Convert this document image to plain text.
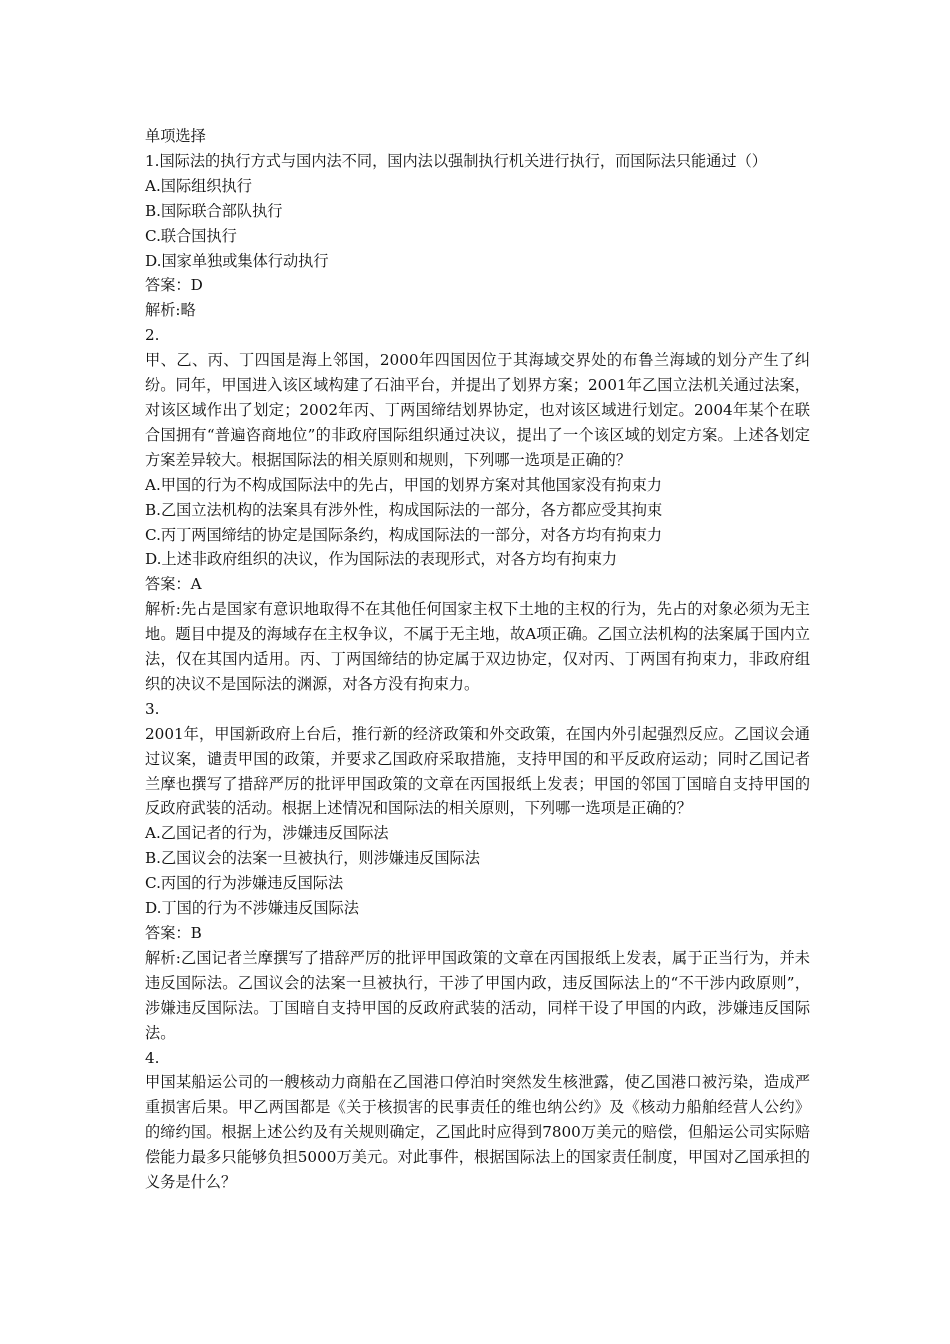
单项选择
1.国际法的执行方式与国内法不同，国内法以强制执行机关进行执行，而国际法只能通过（）
A.国际组织执行
B.国际联合部队执行
C.联合国执行
D.国家单独或集体行动执行
答案：D
解析:略
2.
甲、乙、丙、丁四国是海上邻国，2000年四国因位于其海域交界处的布鲁兰海域的划分产生了纠纷。同年，甲国进入该区域构建了石油平台，并提出了划界方案；2001年乙国立法机关通过法案，对该区域作出了划定；2002年丙、丁两国缔结划界协定，也对该区域进行划定。2004年某个在联合国拥有“普遍咨商地位”的非政府国际组织通过决议，提出了一个该区域的划定方案。上述各划定方案差异较大。根据国际法的相关原则和规则，下列哪一选项是正确的？
A.甲国的行为不构成国际法中的先占，甲国的划界方案对其他国家没有拘束力
B.乙国立法机构的法案具有涉外性，构成国际法的一部分，各方都应受其拘束
C.丙丁两国缔结的协定是国际条约，构成国际法的一部分，对各方均有拘束力
D.上述非政府组织的决议，作为国际法的表现形式，对各方均有拘束力
答案：A
解析:先占是国家有意识地取得不在其他任何国家主权下土地的主权的行为，先占的对象必须为无主地。题目中提及的海域存在主权争议，不属于无主地，故A项正确。乙国立法机构的法案属于国内立法，仅在其国内适用。丙、丁两国缔结的协定属于双边协定，仅对丙、丁两国有拘束力，非政府组织的决议不是国际法的渊源，对各方没有拘束力。
3.
2001年，甲国新政府上台后，推行新的经济政策和外交政策，在国内外引起强烈反应。乙国议会通过议案，谴责甲国的政策，并要求乙国政府采取措施，支持甲国的和平反政府运动；同时乙国记者兰摩也撰写了措辞严厉的批评甲国政策的文章在丙国报纸上发表；甲国的邻国丁国暗自支持甲国的反政府武装的活动。根据上述情况和国际法的相关原则，下列哪一选项是正确的？
A.乙国记者的行为，涉嫌违反国际法
B.乙国议会的法案一旦被执行，则涉嫌违反国际法
C.丙国的行为涉嫌违反国际法
D.丁国的行为不涉嫌违反国际法
答案：B
解析:乙国记者兰摩撰写了措辞严厉的批评甲国政策的文章在丙国报纸上发表，属于正当行为，并未违反国际法。乙国议会的法案一旦被执行，干涉了甲国内政，违反国际法上的“不干涉内政原则”，涉嫌违反国际法。丁国暗自支持甲国的反政府武装的活动，同样干设了甲国的内政，涉嫌违反国际法。
4.
甲国某船运公司的一艘核动力商船在乙国港口停泊时突然发生核泄露，使乙国港口被污染，造成严重损害后果。甲乙两国都是《关于核损害的民事责任的维也纳公约》及《核动力船舶经营人公约》的缔约国。根据上述公约及有关规则确定，乙国此时应得到7800万美元的赔偿，但船运公司实际赔偿能力最多只能够负担5000万美元。对此事件，根据国际法上的国家责任制度，甲国对乙国承担的义务是什么？
